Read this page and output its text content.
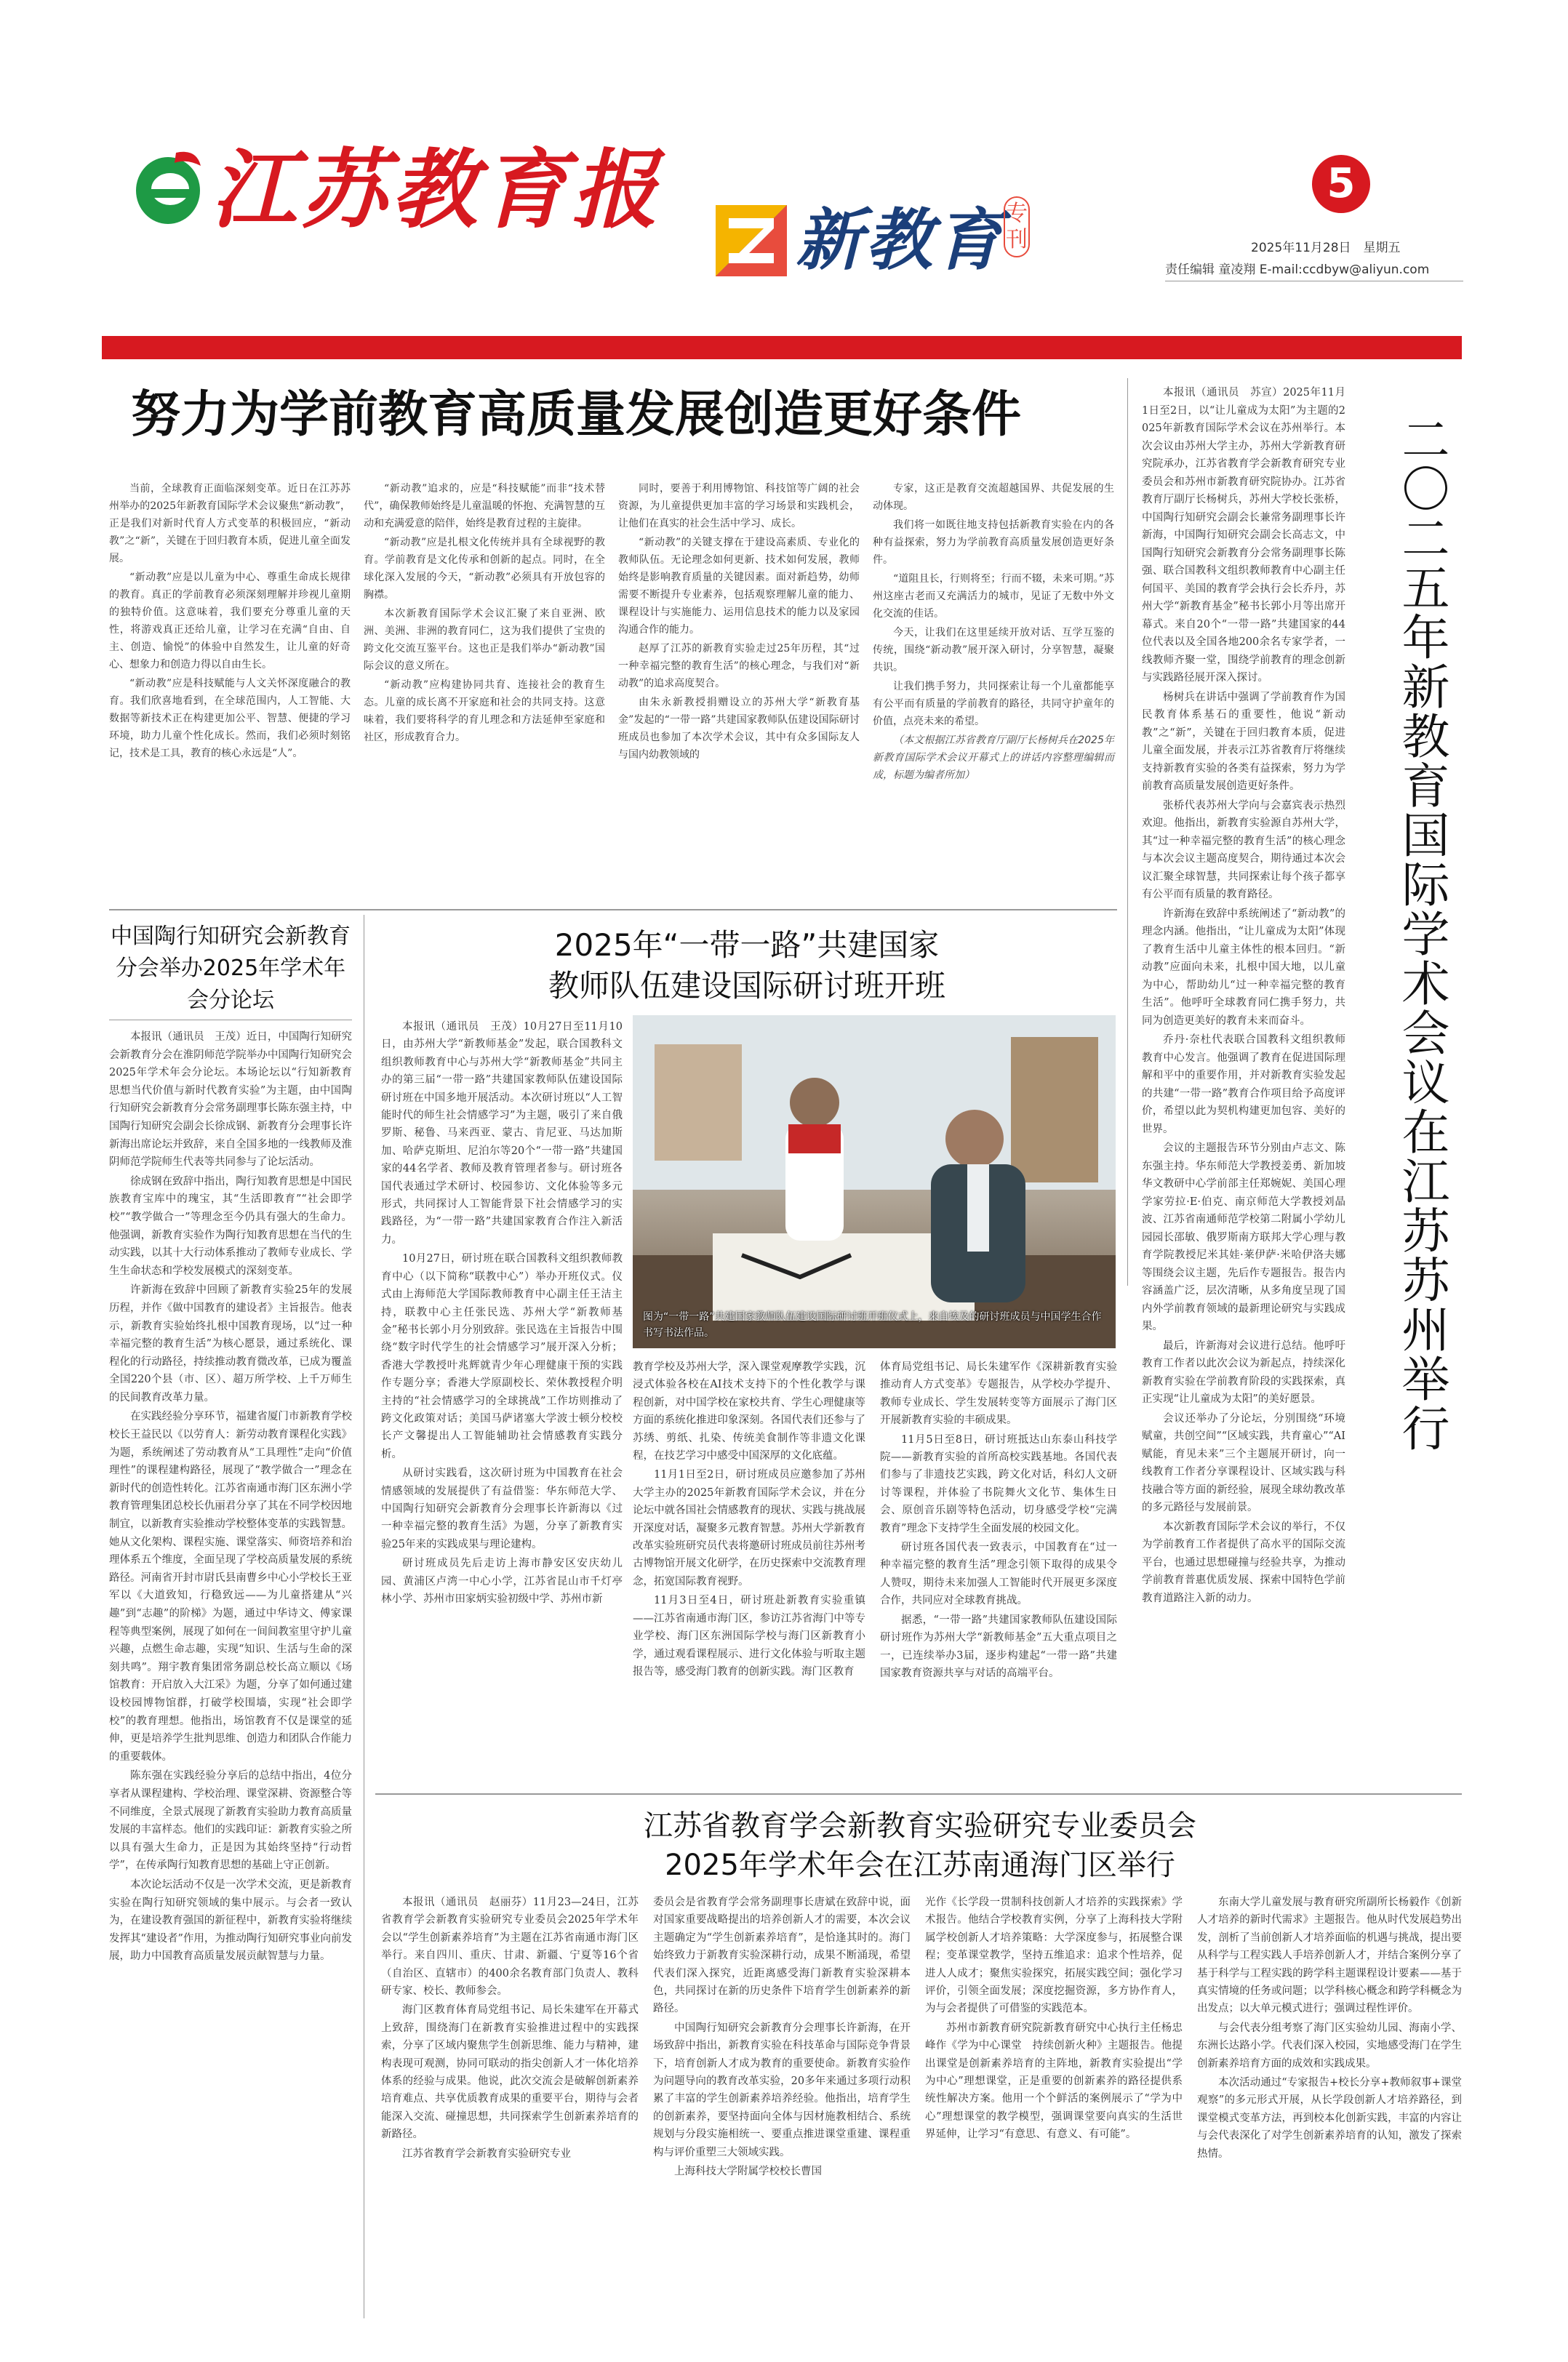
江苏教育报 新教育 专刊
5
2025年11月28日　星期五
责任编辑 童凌翔 E-mail:ccdbyw@aliyun.com
努力为学前教育高质量发展创造更好条件

当前，全球教育正面临深刻变革。近日在江苏苏州举办的2025年新教育国际学术会议聚焦“新动教”，正是我们对新时代育人方式变革的积极回应，“新动教”之“新”，关键在于回归教育本质，促进儿童全面发展。

“新动教”应是以儿童为中心、尊重生命成长规律的教育。真正的学前教育必须深刻理解并珍视儿童期的独特价值。这意味着，我们要充分尊重儿童的天性，将游戏真正还给儿童，让学习在充满“自由、自主、创造、愉悦”的体验中自然发生，让儿童的好奇心、想象力和创造力得以自由生长。

“新动教”应是科技赋能与人文关怀深度融合的教育。我们欣喜地看到，在全球范围内，人工智能、大数据等新技术正在构建更加公平、智慧、便捷的学习环境，助力儿童个性化成长。然而，我们必须时刻铭记，技术是工具，教育的核心永远是“人”。

“新动教”追求的，应是“科技赋能”而非“技术替代”，确保教师始终是儿童温暖的怀抱、充满智慧的互动和充满爱意的陪伴，始终是教育过程的主旋律。

“新动教”应是扎根文化传统并具有全球视野的教育。学前教育是文化传承和创新的起点。同时，在全球化深入发展的今天，“新动教”必须具有开放包容的胸襟。

本次新教育国际学术会议汇聚了来自亚洲、欧洲、美洲、非洲的教育同仁，这为我们提供了宝贵的跨文化交流互鉴平台。这也正是我们举办“新动教”国际会议的意义所在。

“新动教”应构建协同共育、连接社会的教育生态。儿童的成长离不开家庭和社会的共同支持。这意味着，我们要将科学的育儿理念和方法延伸至家庭和社区，形成教育合力。

同时，要善于利用博物馆、科技馆等广阔的社会资源，为儿童提供更加丰富的学习场景和实践机会，让他们在真实的社会生活中学习、成长。

“新动教”的关键支撑在于建设高素质、专业化的教师队伍。无论理念如何更新、技术如何发展，教师始终是影响教育质量的关键因素。面对新趋势，幼师需要不断提升专业素养，包括观察理解儿童的能力、课程设计与实施能力、运用信息技术的能力以及家园沟通合作的能力。

赵厚了江苏的新教育实验走过25年历程，其“过一种幸福完整的教育生活”的核心理念，与我们对“新动教”的追求高度契合。

由朱永新教授捐赠设立的苏州大学“新教育基金”发起的“一带一路”共建国家教师队伍建设国际研讨班成员也参加了本次学术会议，其中有众多国际友人与国内幼教领域的

专家，这正是教育交流超越国界、共促发展的生动体现。

我们将一如既往地支持包括新教育实验在内的各种有益探索，努力为学前教育高质量发展创造更好条件。

“道阻且长，行则将至；行而不辍，未来可期。”苏州这座古老而又充满活力的城市，见证了无数中外文化交流的佳话。

今天，让我们在这里延续开放对话、互学互鉴的传统，围绕“新动教”展开深入研讨，分享智慧，凝聚共识。

让我们携手努力，共同探索让每一个儿童都能享有公平而有质量的学前教育的路径，共同守护童年的价值，点亮未来的希望。

（本文根据江苏省教育厅副厅长杨树兵在2025年新教育国际学术会议开幕式上的讲话内容整理编辑而成，标题为编者所加）

本报讯（通讯员　苏宣）2025年11月1日至2日，以“让儿童成为太阳”为主题的2025年新教育国际学术会议在苏州举行。本次会议由苏州大学主办，苏州大学新教育研究院承办，江苏省教育学会新教育研究专业委员会和苏州市新教育研究院协办。江苏省教育厅副厅长杨树兵，苏州大学校长张桥，中国陶行知研究会副会长兼常务副理事长许新海，中国陶行知研究会副会长高志文，中国陶行知研究会新教育分会常务副理事长陈强、联合国教科文组织教师教育中心副主任何国平、美国的教育学会执行会长乔丹，苏州大学“新教育基金”秘书长郭小月等出席开幕式。来自20个“一带一路”共建国家的44位代表以及全国各地200余名专家学者，一线教师齐聚一堂，围绕学前教育的理念创新与实践路径展开深入探讨。

杨树兵在讲话中强调了学前教育作为国民教育体系基石的重要性，他说“新动教”之“新”，关键在于回归教育本质，促进儿童全面发展，并表示江苏省教育厅将继续支持新教育实验的各类有益探索，努力为学前教育高质量发展创造更好条件。

张桥代表苏州大学向与会嘉宾表示热烈欢迎。他指出，新教育实验源自苏州大学，其“过一种幸福完整的教育生活”的核心理念与本次会议主题高度契合，期待通过本次会议汇聚全球智慧，共同探索让每个孩子都享有公平而有质量的教育路径。

许新海在致辞中系统阐述了“新动教”的理念内涵。他指出，“让儿童成为太阳”体现了教育生活中儿童主体性的根本回归。“新动教”应面向未来，扎根中国大地，以儿童为中心，帮助幼儿“过一种幸福完整的教育生活”。他呼吁全球教育同仁携手努力，共同为创造更美好的教育未来而奋斗。

乔丹·奈杜代表联合国教科文组织教师教育中心发言。他强调了教育在促进国际理解和平中的重要作用，并对新教育实验发起的共建“一带一路”教育合作项目给予高度评价，希望以此为契机构建更加包容、美好的世界。

会议的主题报告环节分别由卢志文、陈东强主持。华东师范大学教授姜勇、新加坡华文教研中心学前部主任郑婉妮、美国心理学家劳拉·E·伯克、南京师范大学教授刘晶波、江苏省南通师范学校第二附属小学幼儿园园长邵敏、俄罗斯南方联邦大学心理与教育学院教授尼米其娃·莱伊萨·米哈伊洛夫娜等围绕会议主题，先后作专题报告。报告内容涵盖广泛，层次清晰，从多角度呈现了国内外学前教育领域的最新理论研究与实践成果。

最后，许新海对会议进行总结。他呼吁教育工作者以此次会议为新起点，持续深化新教育实验在学前教育阶段的实践探索，真正实现“让儿童成为太阳”的美好愿景。

会议还举办了分论坛，分别围绕“环境赋童，共创空间”“区域实践，共育童心”“AI赋能，育见未来”三个主题展开研讨，向一线教育工作者分享课程设计、区域实践与科技融合等方面的新经验，展现全球幼教改革的多元路径与发展前景。

本次新教育国际学术会议的举行，不仅为学前教育工作者提供了高水平的国际交流平台，也通过思想碰撞与经验共享，为推动学前教育普惠优质发展、探索中国特色学前教育道路注入新的动力。

二〇二五年新教育国际学术会议在江苏苏州举行
中国陶行知研究会新教育分会举办2025年学术年会分论坛

本报讯（通讯员　王茂）近日，中国陶行知研究会新教育分会在淮阴师范学院举办中国陶行知研究会2025年学术年会分论坛。本场论坛以“行知新教育思想当代价值与新时代教育实验”为主题，由中国陶行知研究会新教育分会常务副理事长陈东强主持，中国陶行知研究会副会长徐成钢、新教育分会理事长许新海出席论坛并致辞，来自全国多地的一线教师及淮阴师范学院师生代表等共同参与了论坛活动。

徐成钢在致辞中指出，陶行知教育思想是中国民族教育宝库中的瑰宝，其“生活即教育”“社会即学校”“教学做合一”等理念至今仍具有强大的生命力。他强调，新教育实验作为陶行知教育思想在当代的生动实践，以其十大行动体系推动了教师专业成长、学生生命状态和学校发展模式的深刻变革。

许新海在致辞中回顾了新教育实验25年的发展历程，并作《做中国教育的建设者》主旨报告。他表示，新教育实验始终扎根中国教育现场，以“过一种幸福完整的教育生活”为核心愿景，通过系统化、课程化的行动路径，持续推动教育微改革，已成为覆盖全国220个县（市、区）、超万所学校、上千万师生的民间教育改革力量。

在实践经验分享环节，福建省厦门市新教育学校校长王益民以《以劳育人：新劳动教育课程化实践》为题，系统阐述了劳动教育从“工具理性”走向“价值理性”的课程建构路径，展现了“教学做合一”理念在新时代的创造性转化。江苏省南通市海门区东洲小学教育管理集团总校长仇丽君分享了其在不同学校因地制宜，以新教育实验推动学校整体变革的实践智慧。她从文化架构、课程实施、课堂落实、师资培养和治理体系五个维度，全面呈现了学校高质量发展的系统路径。河南省开封市尉氏县南曹乡中心小学校长王亚军以《大道致知，行稳致远——为儿童搭建从“兴趣”到“志趣”的阶梯》为题，通过中华诗文、傅家课程等典型案例，展现了如何在一间间教室里守护儿童兴趣，点燃生命志趣，实现“知识、生活与生命的深刻共鸣”。翔宇教育集团常务副总校长高立顺以《场馆教育：开启放入大江采》为题，分享了如何通过建设校园博物馆群，打破学校围墙，实现“社会即学校”的教育理想。他指出，场馆教育不仅是课堂的延伸，更是培养学生批判思维、创造力和团队合作能力的重要载体。

陈东强在实践经验分享后的总结中指出，4位分享者从课程建构、学校治理、课堂深耕、资源整合等不同维度，全景式展现了新教育实验助力教育高质量发展的丰富样态。他们的实践印证：新教育实验之所以具有强大生命力，正是因为其始终坚持“行动哲学”，在传承陶行知教育思想的基础上守正创新。

本次论坛活动不仅是一次学术交流，更是新教育实验在陶行知研究领域的集中展示。与会者一致认为，在建设教育强国的新征程中，新教育实验将继续发挥其“建设者”作用，为推动陶行知研究事业向前发展，助力中国教育高质量发展贡献智慧与力量。

2025年“一带一路”共建国家
教师队伍建设国际研讨班开班

本报讯（通讯员　王茂）10月27日至11月10日，由苏州大学“新教师基金”发起，联合国教科文组织教师教育中心与苏州大学“新教师基金”共同主办的第三届“一带一路”共建国家教师队伍建设国际研讨班在中国多地开展活动。本次研讨班以“人工智能时代的师生社会情感学习”为主题，吸引了来自俄罗斯、秘鲁、马来西亚、蒙古、肯尼亚、马达加斯加、哈萨克斯坦、尼泊尔等20个“一带一路”共建国家的44名学者、教师及教育管理者参与。研讨班各国代表通过学术研讨、校园参访、文化体验等多元形式，共同探讨人工智能背景下社会情感学习的实践路径，为“一带一路”共建国家教育合作注入新活力。

10月27日，研讨班在联合国教科文组织教师教育中心（以下简称“联教中心”）举办开班仪式。仪式由上海师范大学国际教师教育中心副主任王洁主持，联教中心主任张民选、苏州大学“新教师基金”秘书长郭小月分别致辞。张民选在主旨报告中围绕“数字时代学生的社会情感学习”展开深入分析；香港大学教授叶兆辉就青少年心理健康干预的实践作专题分享；香港大学原副校长、荣休教授程介明主持的“社会情感学习的全球挑战”工作坊则推动了跨文化政策对话；美国马萨诸塞大学波士顿分校校长产文馨提出人工智能辅助社会情感教育实践分析。

从研讨实践看，这次研讨班为中国教育在社会情感领域的发展提供了有益借鉴：华东师范大学、中国陶行知研究会新教育分会理事长许新海以《过一种幸福完整的教育生活》为题，分享了新教育实验25年来的实践成果与理论建构。

研讨班成员先后走访上海市静安区安庆幼儿园、黄浦区卢湾一中心小学，江苏省昆山市千灯亭林小学、苏州市田家炳实验初级中学、苏州市新

图为“一带一路”共建国家教师队伍建设国际研讨班开班仪式上，来自埃及的研讨班成员与中国学生合作书写书法作品。

教育学校及苏州大学，深入课堂观摩教学实践，沉浸式体验各校在AI技术支持下的个性化教学与课程创新，对中国学校在家校共育、学生心理健康等方面的系统化推进印象深刻。各国代表们还参与了苏绣、剪纸、扎染、传统美食制作等非遗文化课程，在技艺学习中感受中国深厚的文化底蕴。

11月1日至2日，研讨班成员应邀参加了苏州大学主办的2025年新教育国际学术会议，并在分论坛中就各国社会情感教育的现状、实践与挑战展开深度对话，凝聚多元教育智慧。苏州大学新教育改革实验班研究员代表将邀研讨班成员前往苏州考古博物馆开展文化研学，在历史探索中交流教育理念，拓宽国际教育视野。

11月3日至4日，研讨班赴新教育实验重镇——江苏省南通市海门区，参访江苏省海门中等专业学校、海门区东洲国际学校与海门区新教育小学，通过观看课程展示、进行文化体验与听取主题报告等，感受海门教育的创新实践。海门区教育

体育局党组书记、局长朱建军作《深耕新教育实验　推动育人方式变革》专题报告，从学校办学提升、教师专业成长、学生发展转变等方面展示了海门区开展新教育实验的丰硕成果。

11月5日至8日，研讨班抵达山东泰山科技学院——新教育实验的首所高校实践基地。各国代表们参与了非遗技艺实践，跨文化对话，科幻人文研讨等课程，并体验了书院舞火文化节、集体生日会、原创音乐剧等特色活动，切身感受学校“完满教育”理念下支持学生全面发展的校园文化。

研讨班各国代表一致表示，中国教育在“过一种幸福完整的教育生活”理念引领下取得的成果令人赞叹，期待未来加强人工智能时代开展更多深度合作，共同应对全球教育挑战。

据悉，“一带一路”共建国家教师队伍建设国际研讨班作为苏州大学“新教师基金”五大重点项目之一，已连续举办3届，逐步构建起“一带一路”共建国家教育资源共享与对话的高端平台。

江苏省教育学会新教育实验研究专业委员会
2025年学术年会在江苏南通海门区举行

本报讯（通讯员　赵丽芬）11月23—24日，江苏省教育学会新教育实验研究专业委员会2025年学术年会以“学生创新素养培育”为主题在江苏省南通市海门区举行。来自四川、重庆、甘肃、新疆、宁夏等16个省（自治区、直辖市）的400余名教育部门负责人、教科研专家、校长、教师参会。

海门区教育体育局党组书记、局长朱建军在开幕式上致辞，围绕海门在新教育实验推进过程中的实践探索，分享了区域内聚焦学生创新思维、能力与精神，建构表现可观测，协同可联动的指尖创新人才一体化培养体系的经验与成果。他说，此次交流会是破解创新素养培育难点、共享优质教育成果的重要平台，期待与会者能深入交流、碰撞思想，共同探索学生创新素养培育的新路径。

江苏省教育学会新教育实验研究专业

委员会是省教育学会常务副理事长唐斌在致辞中说，面对国家重要战略提出的培养创新人才的需要，本次会议主题确定为“学生创新素养培育”，是恰逢其时的。海门始终致力于新教育实验深耕行动，成果不断涌现，希望代表们深入探究，近距离感受海门新教育实验深耕本色，共同探讨在新的历史条件下培育学生创新素养的新路径。

中国陶行知研究会新教育分会理事长许新海，在开场致辞中指出，新教育实验在科技革命与国际竞争背景下，培育创新人才成为教育的重要使命。新教育实验作为问题导向的教育改革实验，20多年来通过多项行动积累了丰富的学生创新素养培养经验。他指出，培育学生的创新素养，要坚持面向全体与因材施教相结合、系统规划与分段实施相统一、要重点推进课堂重建、课程重构与评价重塑三大领域实践。

上海科技大学附属学校校长曹国

光作《长学段一贯制科技创新人才培养的实践探索》学术报告。他结合学校教育实例，分享了上海科技大学附属学校创新人才培养策略：大学深度参与，拓展整合课程；变革课堂教学，坚持五维追求：追求个性培养，促进人人成才；聚焦实验探究，拓展实践空间；强化学习评价，引领全面发展；深度挖掘资源，多方协作育人，为与会者提供了可借鉴的实践范本。

苏州市新教育研究院新教育研究中心执行主任杨忠峰作《学为中心课堂　持续创新火种》主题报告。他提出课堂是创新素养培育的主阵地，新教育实验提出“学为中心”理想课堂，正是重要的创新素养的路径提供系统性解决方案。他用一个个鲜活的案例展示了“学为中心”理想课堂的教学模型，强调课堂要向真实的生活世界延伸，让学习“有意思、有意义、有可能”。

东南大学儿童发展与教育研究所副所长杨毅作《创新人才培养的新时代需求》主题报告。他从时代发展趋势出发，剖析了当前创新人才培养面临的机遇与挑战，提出要从科学与工程实践人手培养创新人才，并结合案例分享了基于科学与工程实践的跨学科主题课程设计要素——基于真实情境的任务或问题；以学科核心概念和跨学科概念为出发点；以大单元模式进行；强调过程性评价。

与会代表分组考察了海门区实验幼儿园、海南小学、东洲长达路小学。代表们深入校园，实地感受海门在学生创新素养培育方面的成效和实践成果。

本次活动通过“专家报告+校长分享+教师叙事+课堂观察”的多元形式开展，从长学段创新人才培养路径，到课堂模式变革方法，再到校本化创新实践，丰富的内容让与会代表深化了对学生创新素养培育的认知，激发了探索热情。
